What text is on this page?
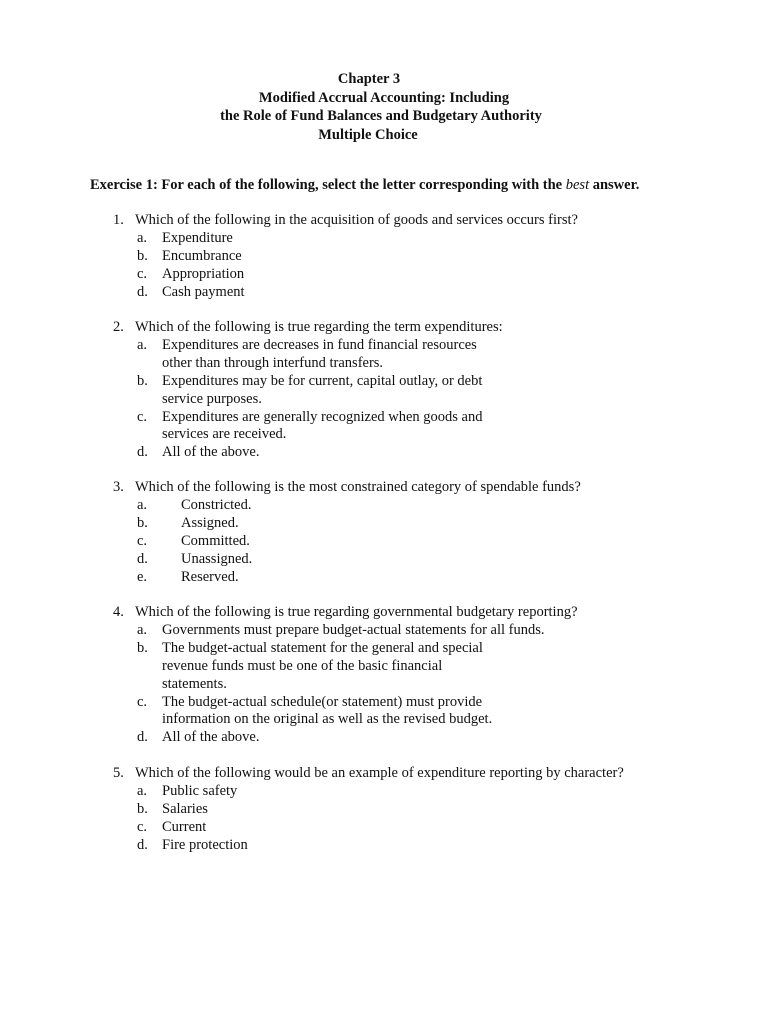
Chapter 3
Modified Accrual Accounting: Including
the Role of Fund Balances and Budgetary Authority
Multiple Choice
Exercise 1: For each of the following, select the letter corresponding with the best answer.
1. Which of the following in the acquisition of goods and services occurs first?
a.	Expenditure
b. Encumbrance
c.	Appropriation
d. Cash payment
2. Which of the following is true regarding the term expenditures:
a.	Expenditures are decreases in fund financial resources
other than through interfund transfers.
b. Expenditures may be for current, capital outlay, or debt
service purposes.
c.	Expenditures are generally recognized when goods and
services are received.
d. All of the above.
3. Which of the following is the most constrained category of spendable funds?
a.	Constricted.
b.	Assigned.
c.	Committed.
d.	Unassigned.
e.	Reserved.
4. Which of the following is true regarding governmental budgetary reporting?
a.	Governments must prepare budget-actual statements for all funds.
b. The budget-actual statement for the general and special
revenue funds must be one of the basic financial
statements.
c.	The budget-actual schedule(or statement) must provide
information on the original as well as the revised budget.
d. All of the above.
5. Which of the following would be an example of expenditure reporting by character?
a.	Public safety
b. Salaries
c.	Current
d. Fire protection
